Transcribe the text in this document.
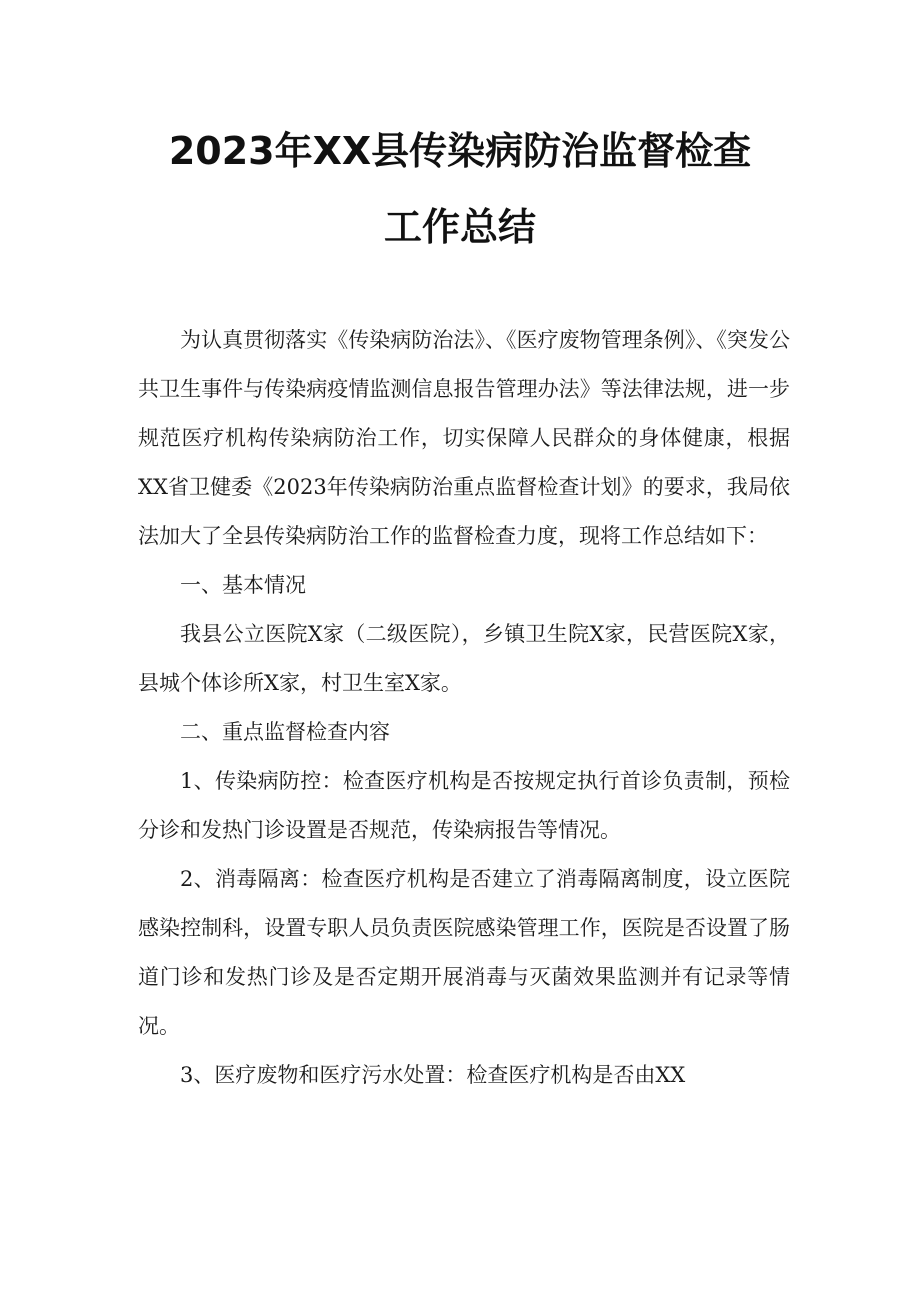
2023年XX县传染病防治监督检查
工作总结

为认真贯彻落实《传染病防治法》、《医疗废物管理条例》、《突发公共卫生事件与传染病疫情监测信息报告管理办法》等法律法规，进一步规范医疗机构传染病防治工作，切实保障人民群众的身体健康，根据XX省卫健委《2023年传染病防治重点监督检查计划》的要求，我局依法加大了全县传染病防治工作的监督检查力度，现将工作总结如下：

一、基本情况

我县公立医院X家（二级医院），乡镇卫生院X家，民营医院X家，县城个体诊所X家，村卫生室X家。

二、重点监督检查内容

1、传染病防控：检查医疗机构是否按规定执行首诊负责制，预检分诊和发热门诊设置是否规范，传染病报告等情况。

2、消毒隔离：检查医疗机构是否建立了消毒隔离制度，设立医院感染控制科，设置专职人员负责医院感染管理工作，医院是否设置了肠道门诊和发热门诊及是否定期开展消毒与灭菌效果监测并有记录等情况。

3、医疗废物和医疗污水处置：检查医疗机构是否由XX
